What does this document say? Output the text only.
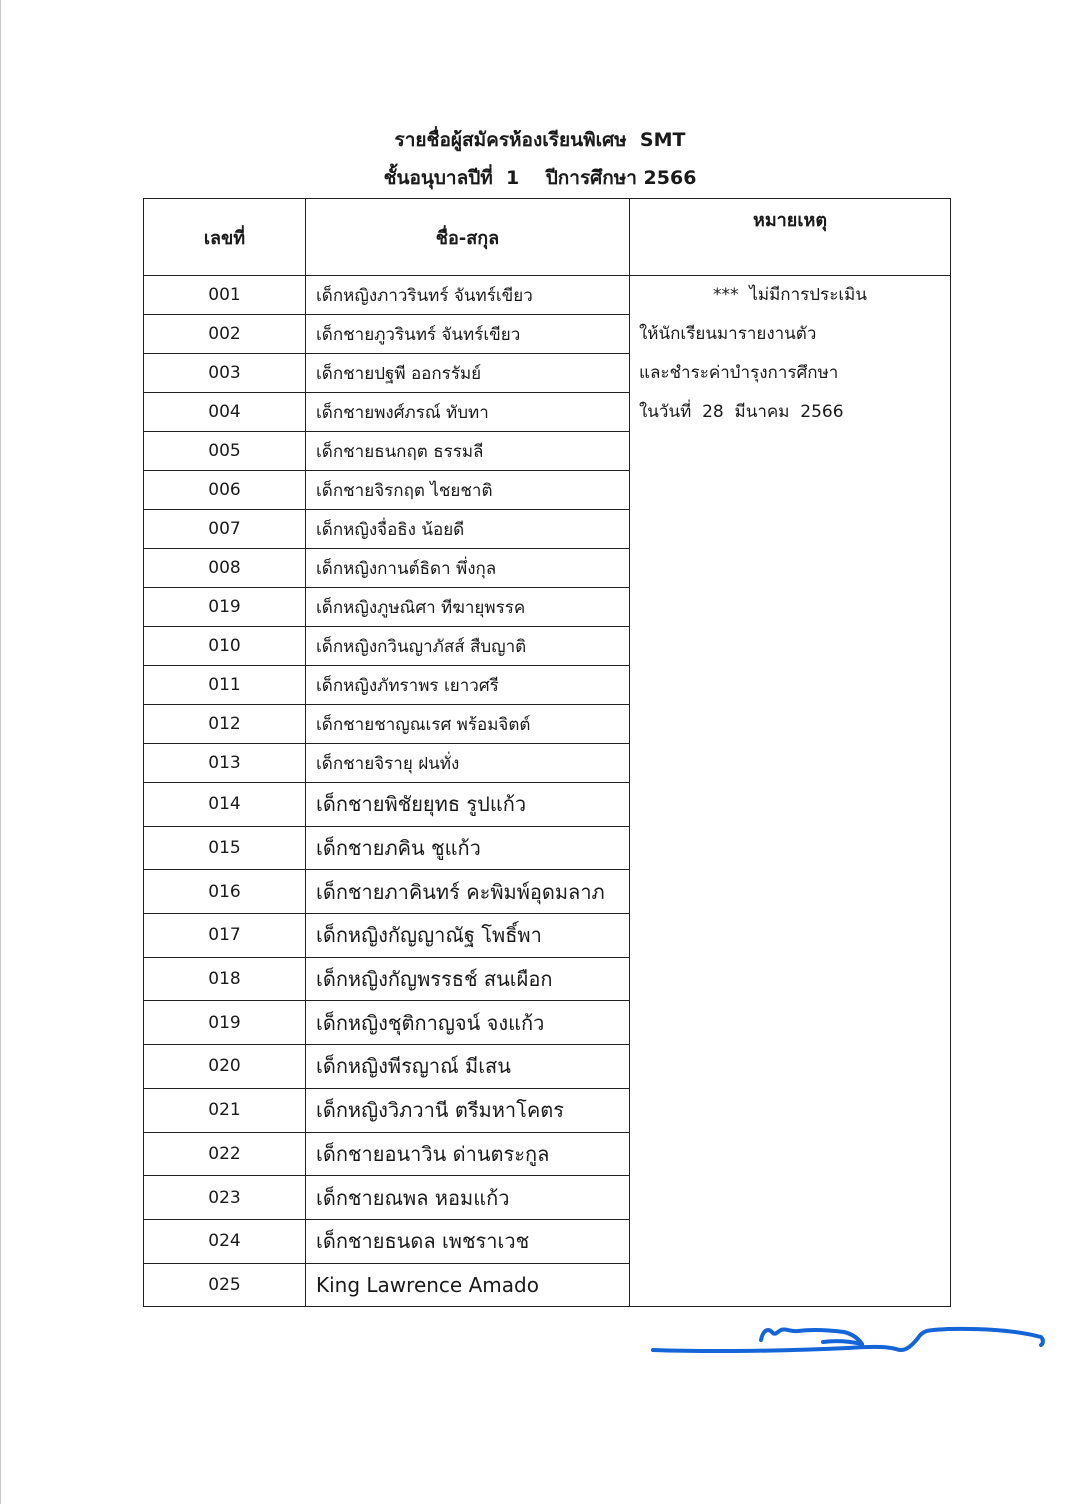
รายชื่อผู้สมัครห้องเรียนพิเศษ  SMT
ชั้นอนุบาลปีที่  1    ปีการศึกษา 2566
เลขที่	ชื่อ-สกุล	หมายเหตุ
001	เด็กหญิงภาวรินทร์ จันทร์เขียว	***  ไม่มีการประเมิน
ให้นักเรียนมารายงานตัว
และชำระค่าบำรุงการศึกษา
ในวันที่  28  มีนาคม  2566

002	เด็กชายภูวรินทร์ จันทร์เขียว	
003	เด็กชายปฐพี ออกรรัมย์	
004	เด็กชายพงศ์ภรณ์ ทับทา	
005	เด็กชายธนกฤต ธรรมลี	
006	เด็กชายจิรกฤต ไชยชาติ	
007	เด็กหญิงจื่อธิง น้อยดี	
008	เด็กหญิงกานต์ธิดา พึ่งกุล	
019	เด็กหญิงภูษณิศา ทีฆายุพรรค	
010	เด็กหญิงกวินญาภัสส์ สืบญาติ	
011	เด็กหญิงภัทราพร เยาวศรี	
012	เด็กชายชาญณเรศ พร้อมจิตต์	
013	เด็กชายจิรายุ ฝนทั่ง	
014	เด็กชายพิชัยยุทธ รูปแก้ว	
015	เด็กชายภคิน ชูแก้ว	
016	เด็กชายภาคินทร์ คะพิมพ์อุดมลาภ	
017	เด็กหญิงกัญญาณัฐ โพธิ์พา	
018	เด็กหญิงกัญพรรธช์ สนเผือก	
019	เด็กหญิงชุติกาญจน์ จงแก้ว	
020	เด็กหญิงพีรญาณ์ มีเสน	
021	เด็กหญิงวิภวานี ตรีมหาโคตร	
022	เด็กชายอนาวิน ด่านตระกูล	
023	เด็กชายณพล หอมแก้ว	
024	เด็กชายธนดล เพชราเวช	
025	King Lawrence Amado	
